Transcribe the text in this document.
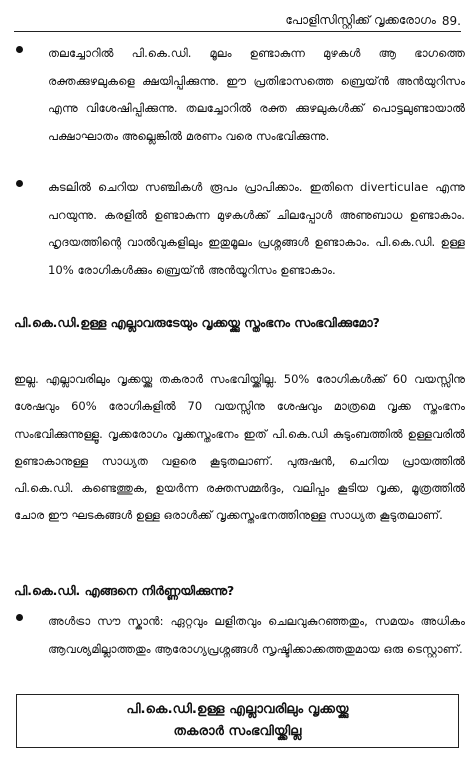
പോളിസിസ്റ്റിക്ക് വൃക്കരോഗം 89.
തലച്ചോറിൽ പി.കെ.ഡി. മൂലം ഉണ്ടാകുന്ന മുഴകൾ ആ ഭാഗത്തെ രക്തക്കുഴലുകളെ ക്ഷയിപ്പിക്കുന്നു. ഈ പ്രതിഭാസത്തെ ബ്രെയ്ൻ അൻയുറിസം എന്നു വിശേഷിപ്പിക്കുന്നു. തലച്ചോറിൽ രക്ത ക്കുഴലുകൾക്ക് പൊട്ടലുണ്ടായാൽ പക്ഷാഘാതം അല്ലെങ്കിൽ മരണം വരെ സംഭവിക്കുന്നു.
കുടലിൽ ചെറിയ സഞ്ചികൾ രൂപം പ്രാപിക്കാം. ഇതിനെ diverticulae എന്നു പറയുന്നു. കരളിൽ ഉണ്ടാകുന്ന മുഴകൾക്ക് ചിലപ്പോൾ അണുബാധ ഉണ്ടാകാം. ഹൃദയത്തിന്റെ വാൽവുകളിലും ഇതുമൂലം പ്രശ്നങ്ങൾ ഉണ്ടാകാം. പി.കെ.ഡി. ഉള്ള 10% രോഗികൾക്കും ബ്രെയ്ൻ അൻയൂറിസം ഉണ്ടാകാം.
പി.കെ.ഡി.ഉള്ള എല്ലാവരുടേയും വൃക്കയ്ക്കു സ്തംഭനം സംഭവിക്കുമോ?
ഇല്ല. എല്ലാവരിലും വൃക്കയ്ക്കു തകരാർ സംഭവിയ്ക്കില്ല. 50% രോഗികൾക്ക് 60 വയസ്സിനു ശേഷവും 60% രോഗികളിൽ 70 വയസ്സിനു ശേഷവും മാത്രമെ വൃക്ക സ്തംഭനം സംഭവിക്കുന്നുള്ളൂ. വൃക്കരോഗം വൃക്കസ്തംഭനം ഇത് പി.കെ.ഡി കുടുംബത്തിൽ ഉള്ളവരിൽ ഉണ്ടാകാനുള്ള സാധ്യത വളരെ കൂടുതലാണ്. പുരുഷൻ, ചെറിയ പ്രായത്തിൽ പി.കെ.ഡി. കണ്ടെത്തുക, ഉയർന്ന രക്തസമ്മർദ്ദം, വലിപ്പം കൂടിയ വൃക്ക, മൂത്രത്തിൽ ചോര ഈ ഘടകങ്ങൾ ഉള്ള ഒരാൾക്ക് വൃക്കസ്തംഭനത്തിനുള്ള സാധ്യത കൂടുതലാണ്.
പി.കെ.ഡി. എങ്ങനെ നിർണ്ണയിക്കുന്നു?
അൾട്രാ സൗ സ്കാൻ: ഏറ്റവും ലളിതവും ചെലവുകുറഞ്ഞതും, സമയം അധികം ആവശ്യമില്ലാത്തതും ആരോഗ്യപ്രശ്നങ്ങൾ സൃഷ്ടിക്കാക്കത്തതുമായ ഒരു ടെസ്റ്റാണ്.
പി.കെ.ഡി.ഉള്ള എല്ലാവരിലും വൃക്കയ്ക്കു
തകരാർ സംഭവിയ്ക്കില്ല
